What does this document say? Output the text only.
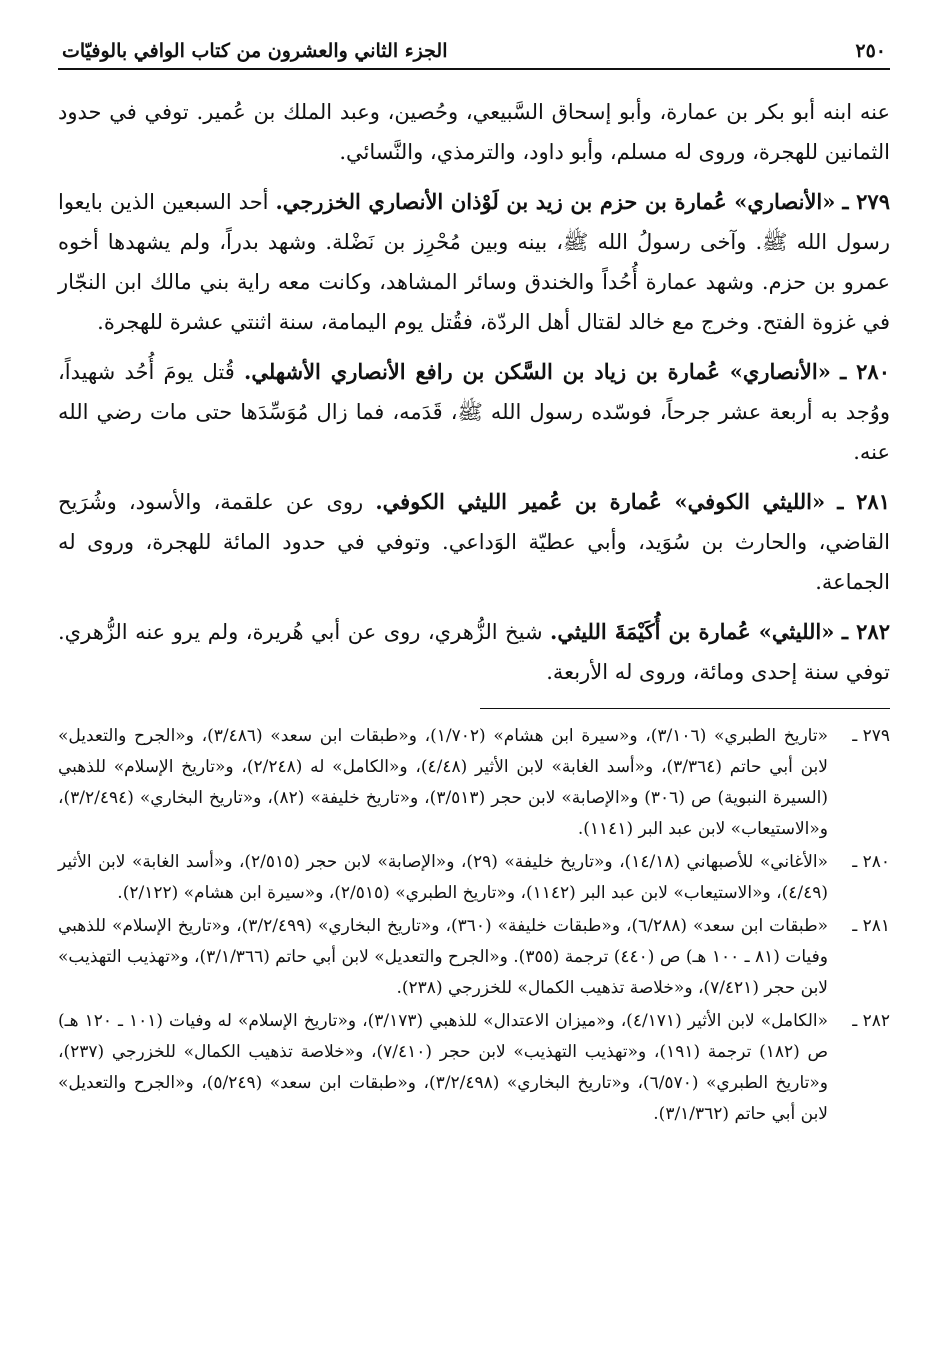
٢٥٠
الجزء الثاني والعشرون من كتاب الوافي بالوفيّات

عنه ابنه أبو بكر بن عمارة، وأبو إسحاق السَّبيعي، وحُصين، وعبد الملك بن عُمير. توفي في حدود الثمانين للهجرة، وروى له مسلم، وأبو داود، والترمذي، والنَّسائي.

٢٧٩ ـ «الأنصاري» عُمارة بن حزم بن زيد بن لَوْذان الأنصاري الخزرجي. أحد السبعين الذين بايعوا رسول الله ﷺ. وآخى رسولُ الله ﷺ، بينه وبين مُحْرِز بن نَضْلة. وشهد بدراً، ولم يشهدها أخوه عمرو بن حزم. وشهد عمارة أُحُداً والخندق وسائر المشاهد، وكانت معه راية بني مالك ابن النجّار في غزوة الفتح. وخرج مع خالد لقتال أهل الردّة، فقُتل يوم اليمامة، سنة اثنتي عشرة للهجرة.

٢٨٠ ـ «الأنصاري» عُمارة بن زياد بن السَّكن بن رافع الأنصاري الأشهلي. قُتل يومَ أُحُد شهيداً، ووُجد به أربعة عشر جرحاً، فوسّده رسول الله ﷺ، قَدَمه، فما زال مُوَسِّدَها حتى مات رضي الله عنه.

٢٨١ ـ «الليثي الكوفي» عُمارة بن عُمير الليثي الكوفي. روى عن علقمة، والأسود، وشُرَيح القاضي، والحارث بن سُوَيد، وأبي عطيّة الوَداعي. وتوفي في حدود المائة للهجرة، وروى له الجماعة.

٢٨٢ ـ «الليثي» عُمارة بن أُكَيْمَةَ الليثي. شيخ الزُّهري، روى عن أبي هُريرة، ولم يرو عنه الزُّهري. توفي سنة إحدى ومائة، وروى له الأربعة.

٢٧٩ ـ
«تاريخ الطبري» (٣/١٠٦)، و«سيرة ابن هشام» (١/٧٠٢)، و«طبقات ابن سعد» (٣/٤٨٦)، و«الجرح والتعديل» لابن أبي حاتم (٣/٣٦٤)، و«أسد الغابة» لابن الأثير (٤/٤٨)، و«الكامل» له (٢/٢٤٨)، و«تاريخ الإسلام» للذهبي (السيرة النبوية) ص (٣٠٦) و«الإصابة» لابن حجر (٣/٥١٣)، و«تاريخ خليفة» (٨٢)، و«تاريخ البخاري» (٣/٢/٤٩٤)، و«الاستيعاب» لابن عبد البر (١١٤١).
٢٨٠ ـ
«الأغاني» للأصبهاني (١٤/١٨)، و«تاريخ خليفة» (٢٩)، و«الإصابة» لابن حجر (٢/٥١٥)، و«أسد الغابة» لابن الأثير (٤/٤٩)، و«الاستيعاب» لابن عبد البر (١١٤٢)، و«تاريخ الطبري» (٢/٥١٥)، و«سيرة ابن هشام» (٢/١٢٢).
٢٨١ ـ
«طبقات ابن سعد» (٦/٢٨٨)، و«طبقات خليفة» (٣٦٠)، و«تاريخ البخاري» (٣/٢/٤٩٩)، و«تاريخ الإسلام» للذهبي وفيات (٨١ ـ ١٠٠ هـ) ص (٤٤٠) ترجمة (٣٥٥). و«الجرح والتعديل» لابن أبي حاتم (٣/١/٣٦٦)، و«تهذيب التهذيب» لابن حجر (٧/٤٢١)، و«خلاصة تذهيب الكمال» للخزرجي (٢٣٨).
٢٨٢ ـ
«الكامل» لابن الأثير (٤/١٧١)، و«ميزان الاعتدال» للذهبي (٣/١٧٣)، و«تاريخ الإسلام» له وفيات (١٠١ ـ ١٢٠ هـ) ص (١٨٢) ترجمة (١٩١)، و«تهذيب التهذيب» لابن حجر (٧/٤١٠)، و«خلاصة تذهيب الكمال» للخزرجي (٢٣٧)، و«تاريخ الطبري» (٦/٥٧٠)، و«تاريخ البخاري» (٣/٢/٤٩٨)، و«طبقات ابن سعد» (٥/٢٤٩)، و«الجرح والتعديل» لابن أبي حاتم (٣/١/٣٦٢).
